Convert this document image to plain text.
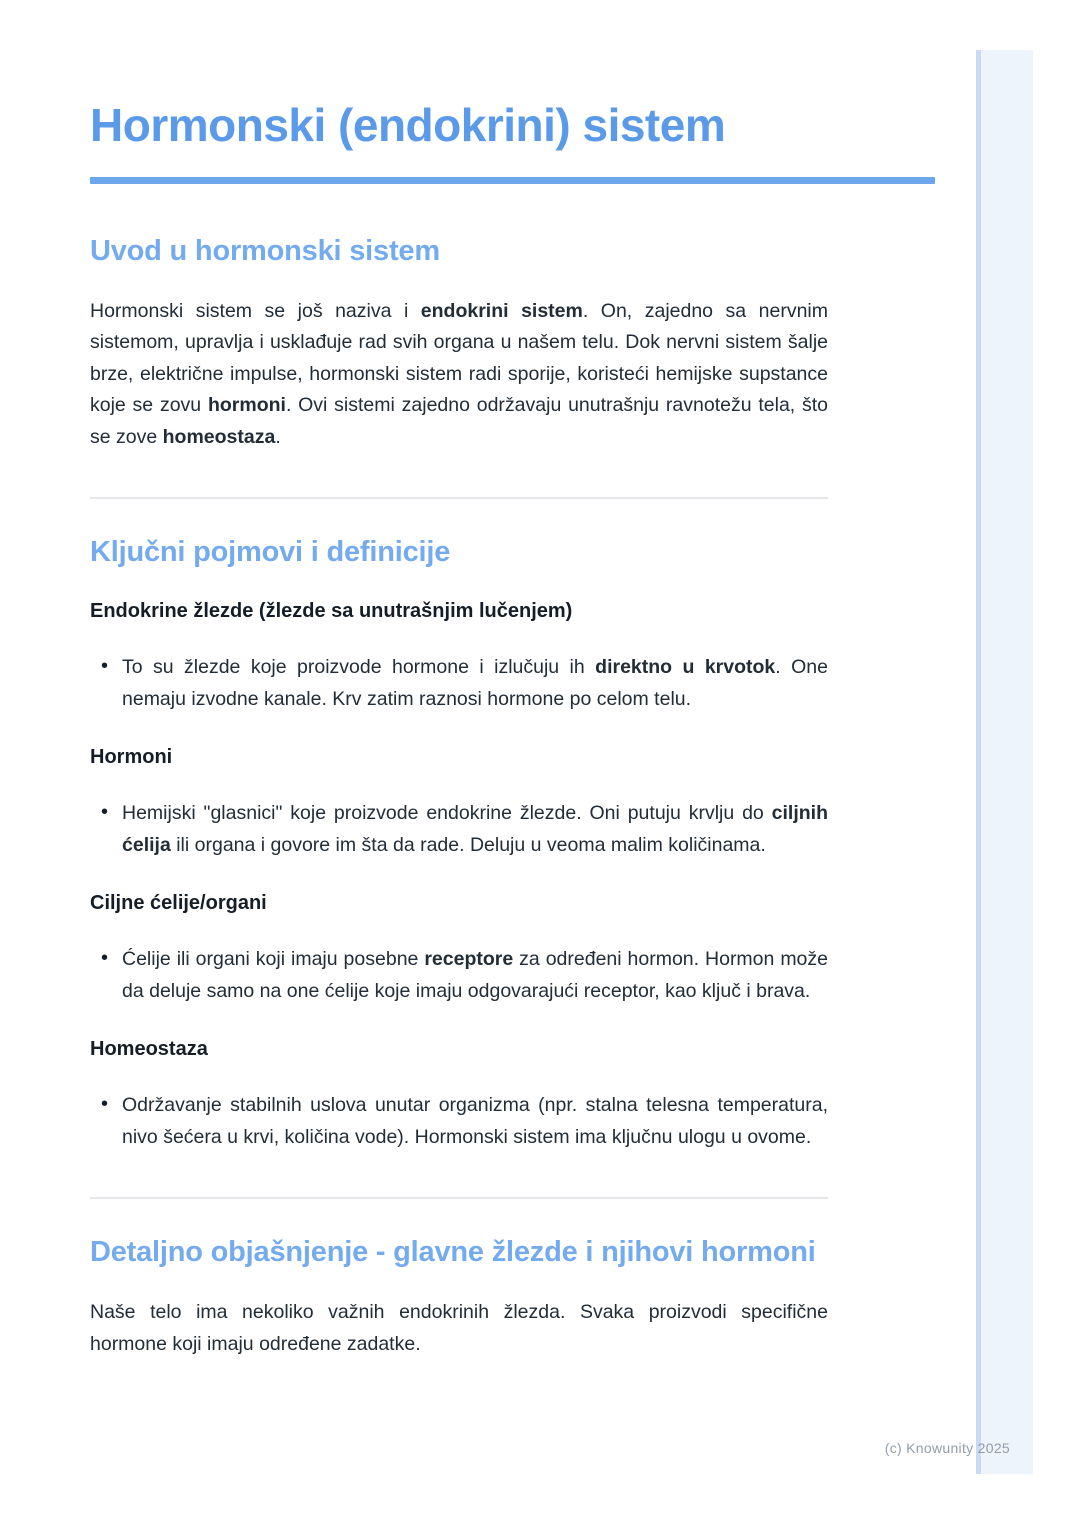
Hormonski (endokrini) sistem
Uvod u hormonski sistem

Hormonski sistem se još naziva i endokrini sistem. On, zajedno sa nervnim sistemom, upravlja i usklađuje rad svih organa u našem telu. Dok nervni sistem šalje brze, električne impulse, hormonski sistem radi sporije, koristeći hemijske supstance koje se zovu hormoni. Ovi sistemi zajedno održavaju unutrašnju ravnotežu tela, što se zove homeostaza.

Ključni pojmovi i definicije
Endokrine žlezde (žlezde sa unutrašnjim lučenjem)
• To su žlezde koje proizvode hormone i izlučuju ih direktno u krvotok. One nemaju izvodne kanale. Krv zatim raznosi hormone po celom telu.
Hormoni
• Hemijski "glasnici" koje proizvode endokrine žlezde. Oni putuju krvlju do ciljnih ćelija ili organa i govore im šta da rade. Deluju u veoma malim količinama.
Ciljne ćelije/organi
• Ćelije ili organi koji imaju posebne receptore za određeni hormon. Hormon može da deluje samo na one ćelije koje imaju odgovarajući receptor, kao ključ i brava.
Homeostaza
• Održavanje stabilnih uslova unutar organizma (npr. stalna telesna temperatura, nivo šećera u krvi, količina vode). Hormonski sistem ima ključnu ulogu u ovome.
Detaljno objašnjenje - glavne žlezde i njihovi hormoni

Naše telo ima nekoliko važnih endokrinih žlezda. Svaka proizvodi specifične hormone koji imaju određene zadatke.

(c) Knowunity 2025
